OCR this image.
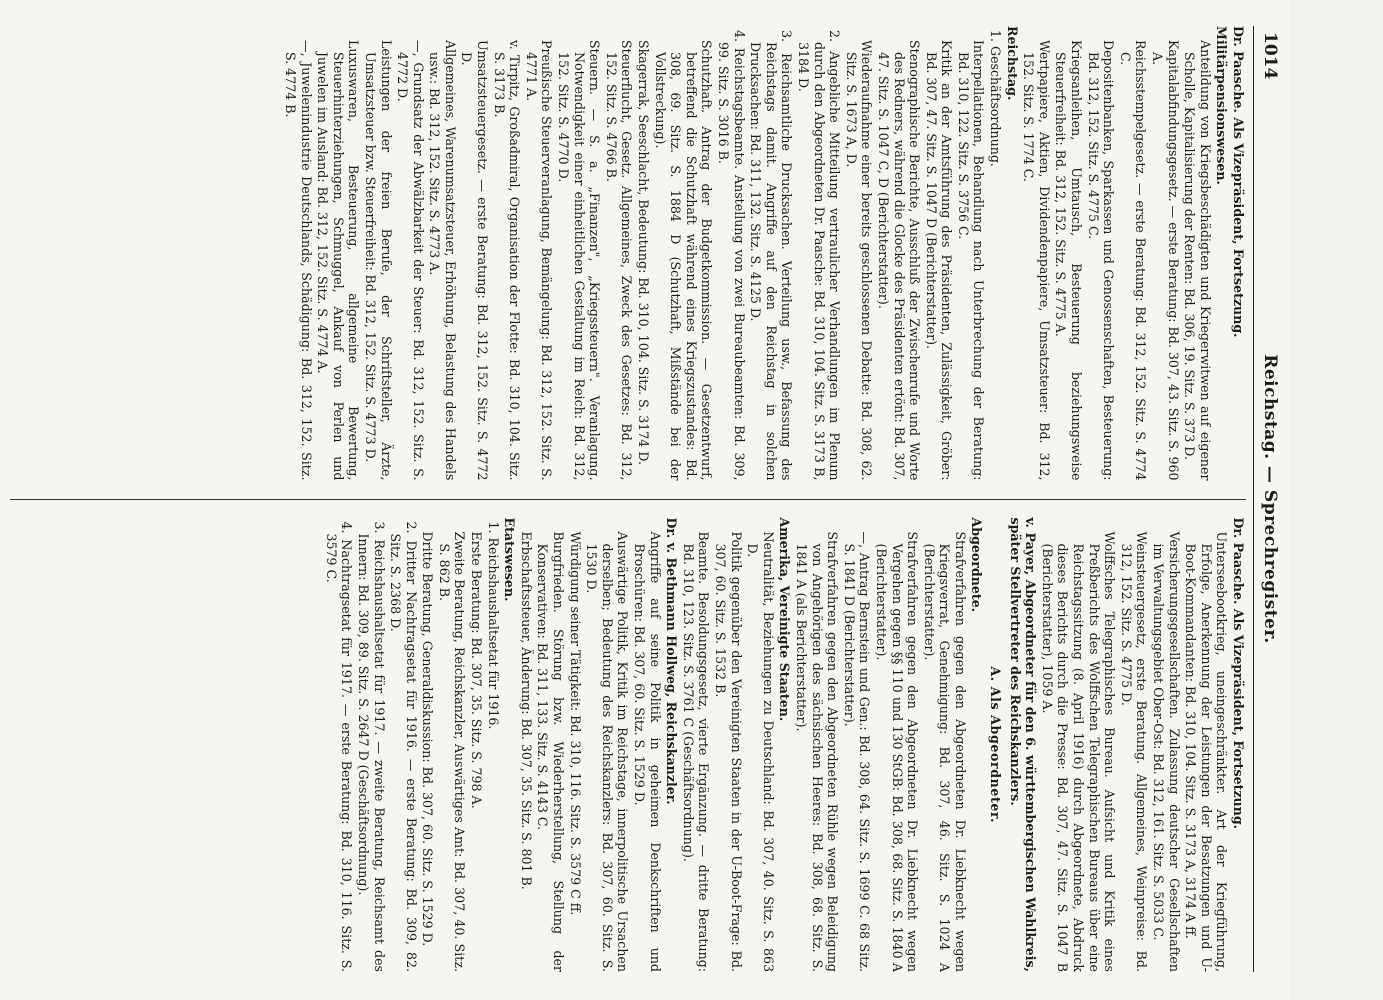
1014
Reichstag. — Sprechregister.
Dr. Paasche. Als Vizepräsident, Fortsetzung.
Militärpensionswesen.
Anteildung von Kriegsbeschädigten und Kriegerwitwen auf eigener Scholle, Kapitalisierung der Renten: Bd. 306, 19. Sitz. S. 373 D.
Kapitalabfindungsgesetz. — erste Beratung: Bd. 307, 43. Sitz. S. 960 A.
Reichsstempelgesetz. — erste Beratung: Bd. 312, 152. Sitz. S. 4774 C.
Depositenbanken, Sparkassen und Genossenschaften, Besteuerung: Bd. 312, 152. Sitz. S. 4775 C.
Kriegsanleihen, Umtausch, Besteuerung beziehungsweise Steuerfreiheit: Bd. 312, 152. Sitz. S. 4775 A.
Wertpapiere, Aktien, Dividendenpapiere, Umsatzsteuer: Bd. 312, 152. Sitz. S. 1774 C.
Reichstag.
1. Geschäftsordnung.
Interpellationen, Behandlung nach Unterbrechung der Beratung: Bd. 310, 122. Sitz. S. 3756 C.
Kritik an der Amtsführung des Präsidenten, Zulässigkeit, Gröber: Bd. 307, 47. Sitz. S. 1047 D (Berichterstatter).
Stenographische Berichte, Ausschluß der Zwischenrufe und Worte des Redners, während die Glocke des Präsidenten ertönt: Bd. 307, 47. Sitz. S. 1047 C, D (Berichterstatter).
Wiederaufnahme einer bereits geschlossenen Debatte: Bd. 308, 62. Sitz. S. 1673 A, D.
2. Angebliche Mitteilung vertraulicher Verhandlungen im Plenum durch den Abgeordneten Dr. Paasche: Bd. 310, 104. Sitz. S. 3173 B, 3184 D.
3. Reichsamtliche Drucksachen. Verteilung usw., Befassung des Reichstags damit. Angriffe auf den Reichstag in solchen Drucksachen: Bd. 311, 132. Sitz. S. 4125 D.
4. Reichstagsbeamte. Anstellung von zwei Bureaubeamten: Bd. 309, 99. Sitz. S. 3016 B.
Schutzhaft. Antrag der Budgetkommission. — Gesetzentwurf, betreffend die Schutzhaft während eines Kriegszustandes: Bd. 308, 69. Sitz. S. 1884 D (Schutzhaft, Mißstände bei der Vollstreckung).
Skagerrak, Seeschlacht, Bedeutung: Bd. 310, 104. Sitz. S. 3174 D.
Steuerflucht, Gesetz. Allgemeines, Zweck des Gesetzes: Bd. 312, 152. Sitz. S. 4766 B.
Steuern. — S. a. „Finanzen", „Kriegssteuern". Veranlagung. Notwendigkeit einer einheitlichen Gestaltung im Reich: Bd. 312, 152. Sitz. S. 4770 D.
Preußische Steuerveranlagung, Bemängelung: Bd. 312, 152. Sitz. S. 4771 A.
v. Tirpitz, Großadmiral, Organisation der Flotte: Bd. 310, 104. Sitz. S. 3173 B.
Umsatzsteuergesetz. — erste Beratung: Bd. 312, 152. Sitz. S. 4772 D.
Allgemeines, Warenumsatzsteuer, Erhöhung, Belastung des Handels usw.: Bd. 312, 152. Sitz. S. 4773 A.
—, Grundsatz der Abwälzbarkeit der Steuer: Bd. 312, 152. Sitz. S. 4772 D.
Leistungen der freien Berufe, der Schriftsteller, Ärzte, Umsatzsteuer bzw. Steuerfreiheit: Bd. 312, 152. Sitz. S. 4773 D.
Luxuswaren, Besteuerung, allgemeine Bewertung, Steuerhinterziehungen, Schmuggel, Ankauf von Perlen und Juwelen im Ausland: Bd. 312, 152. Sitz. S. 4774 A.
—, Juwelenindustrie Deutschlands, Schädigung: Bd. 312, 152. Sitz. S. 4774 B.
Dr. Paasche. Als Vizepräsident, Fortsetzung.
Unterseebootkrieg, uneingeschränkter. Art der Kriegführung, Erfolge, Anerkennung der Leistungen der Besatzungen und U-Boot-Kommandanten: Bd. 310, 104. Sitz. S. 3173 A, 3174 A ff.
Versicherungsgesellschaften. Zulassung deutscher Gesellschaften im Verwaltungsgebiet Ober-Ost: Bd. 312, 161. Sitz. S. 5033 C.
Weinsteuergesetz, erste Beratung. Allgemeines, Weinpreise: Bd. 312, 152. Sitz. S. 4775 D.
Wolffsches Telegraphisches Bureau. Aufsicht und Kritik eines Preßberichts des Wolffschen Telegraphischen Bureaus über eine Reichstagssitzung (8. April 1916) durch Abgeordnete, Abdruck dieses Berichts durch die Presse: Bd. 307, 47. Sitz. S. 1047 B (Berichterstatter), 1059 A.
v. Payer, Abgeordneter für den 6. württembergischen Wahlkreis, später Stellvertreter des Reichskanzlers.
A. Als Abgeordneter.
Abgeordnete.
Strafverfahren gegen den Abgeordneten Dr. Liebknecht wegen Kriegsverrat, Genehmigung: Bd. 307, 46. Sitz. S. 1024 A (Berichterstatter).
Strafverfahren gegen den Abgeordneten Dr. Liebknecht wegen Vergehen gegen §§ 110 und 130 StGB: Bd. 308, 68. Sitz. S. 1840 A (Berichterstatter).
—, Antrag Bernstein und Gen.: Bd. 308, 64. Sitz. S. 1699 C. 68 Sitz. S. 1841 D (Berichterstatter).
Strafverfahren gegen den Abgeordneten Rühle wegen Beleidigung von Angehörigen des sächsischen Heeres: Bd. 308, 68. Sitz. S. 1841 A (als Berichterstatter).
Amerika, Vereinigte Staaten.
Neutralität, Beziehungen zu Deutschland: Bd. 307, 40. Sitz. S. 863 D.
Politik gegenüber den Vereinigten Staaten in der U-Boot-Frage: Bd. 307, 60. Sitz. S. 1532 B.
Beamte. Besoldungsgesetz, vierte Ergänzung. — dritte Beratung: Bd. 310, 123. Sitz. S. 3761 C (Geschäftsordnung).
Dr. v. Bethmann Hollweg, Reichskanzler.
Angriffe auf seine Politik in geheimen Denkschriften und Broschüren: Bd. 307, 60. Sitz. S. 1529 D.
Auswärtige Politik, Kritik im Reichstage, innerpolitische Ursachen derselben; Bedeutung des Reichskanzlers: Bd. 307, 60. Sitz. S. 1530 D.
Würdigung seiner Tätigkeit: Bd. 310, 116. Sitz. S. 3579 C ff.
Burgfrieden. Störung bzw. Wiederherstellung, Stellung der Konservativen: Bd. 311, 133. Sitz. S. 4143 C.
Erbschaftssteuer, Änderung: Bd. 307, 35. Sitz. S. 801 B.
Etatswesen.
1. Reichshaushaltsetat für 1916.
Erste Beratung: Bd. 307, 35. Sitz. S. 798 A.
Zweite Beratung, Reichskanzler, Auswärtiges Amt: Bd. 307, 40. Sitz. S. 862 B.
Dritte Beratung, Generaldiskussion: Bd. 307, 60. Sitz. S. 1529 D.
2. Dritter Nachtragsetat für 1916. — erste Beratung: Bd. 309, 82. Sitz. S. 2368 D.
3. Reichshaushaltsetat für 1917. — zweite Beratung, Reichsamt des Innern: Bd. 309, 89. Sitz. S. 2647 D (Geschäftsordnung).
4. Nachtragsetat für 1917. — erste Beratung: Bd. 310, 116. Sitz. S. 3579 C.
